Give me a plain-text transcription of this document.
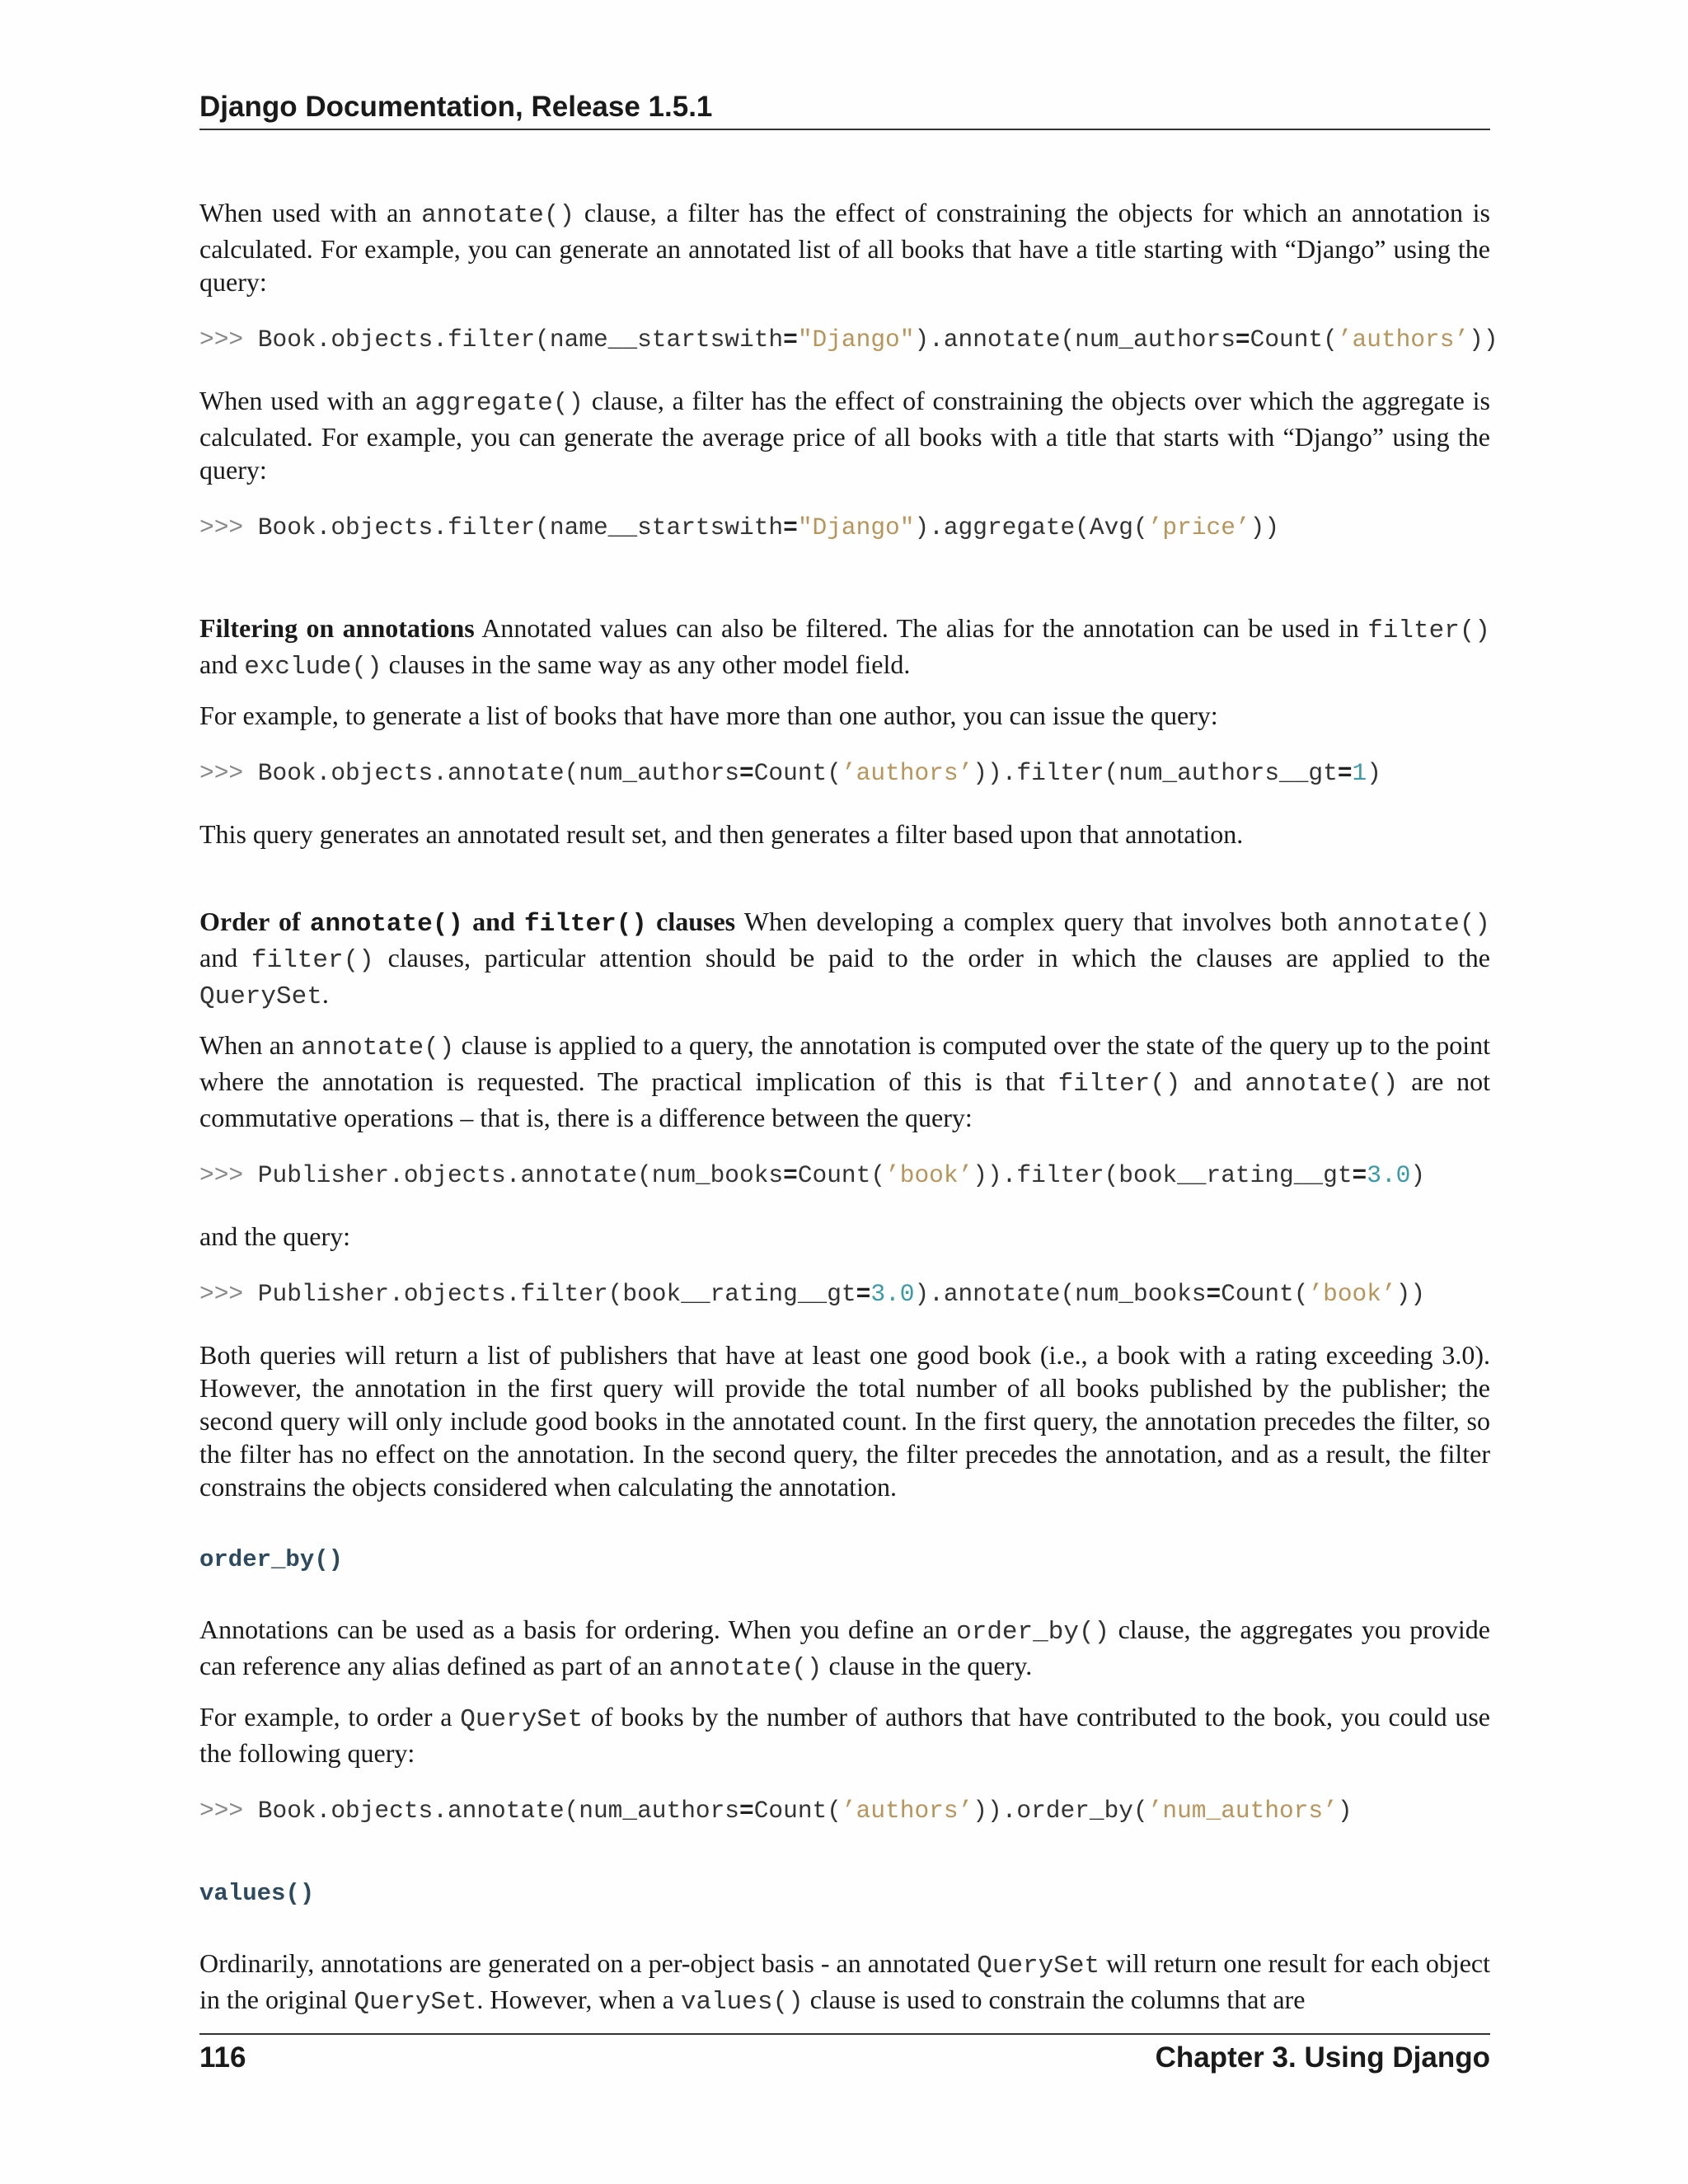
Django Documentation, Release 1.5.1

When used with an annotate() clause, a filter has the effect of constraining the objects for which an annotation is calculated. For example, you can generate an annotated list of all books that have a title starting with “Django” using the query:

>>> Book.objects.filter(name__startswith="Django").annotate(num_authors=Count(’authors’))

When used with an aggregate() clause, a filter has the effect of constraining the objects over which the aggregate is calculated. For example, you can generate the average price of all books with a title that starts with “Django” using the query:

>>> Book.objects.filter(name__startswith="Django").aggregate(Avg(’price’))

Filtering on annotations Annotated values can also be filtered. The alias for the annotation can be used in filter() and exclude() clauses in the same way as any other model field.

For example, to generate a list of books that have more than one author, you can issue the query:

>>> Book.objects.annotate(num_authors=Count(’authors’)).filter(num_authors__gt=1)

This query generates an annotated result set, and then generates a filter based upon that annotation.

Order of annotate() and filter() clauses When developing a complex query that involves both annotate() and filter() clauses, particular attention should be paid to the order in which the clauses are applied to the QuerySet.

When an annotate() clause is applied to a query, the annotation is computed over the state of the query up to the point where the annotation is requested. The practical implication of this is that filter() and annotate() are not commutative operations – that is, there is a difference between the query:

>>> Publisher.objects.annotate(num_books=Count(’book’)).filter(book__rating__gt=3.0)

and the query:

>>> Publisher.objects.filter(book__rating__gt=3.0).annotate(num_books=Count(’book’))

Both queries will return a list of publishers that have at least one good book (i.e., a book with a rating exceeding 3.0). However, the annotation in the first query will provide the total number of all books published by the publisher; the second query will only include good books in the annotated count. In the first query, the annotation precedes the filter, so the filter has no effect on the annotation. In the second query, the filter precedes the annotation, and as a result, the filter constrains the objects considered when calculating the annotation.

order_by()

Annotations can be used as a basis for ordering. When you define an order_by() clause, the aggregates you provide can reference any alias defined as part of an annotate() clause in the query.

For example, to order a QuerySet of books by the number of authors that have contributed to the book, you could use the following query:

>>> Book.objects.annotate(num_authors=Count(’authors’)).order_by(’num_authors’)
values()

Ordinarily, annotations are generated on a per-object basis - an annotated QuerySet will return one result for each object in the original QuerySet. However, when a values() clause is used to constrain the columns that are

116	Chapter 3. Using Django
